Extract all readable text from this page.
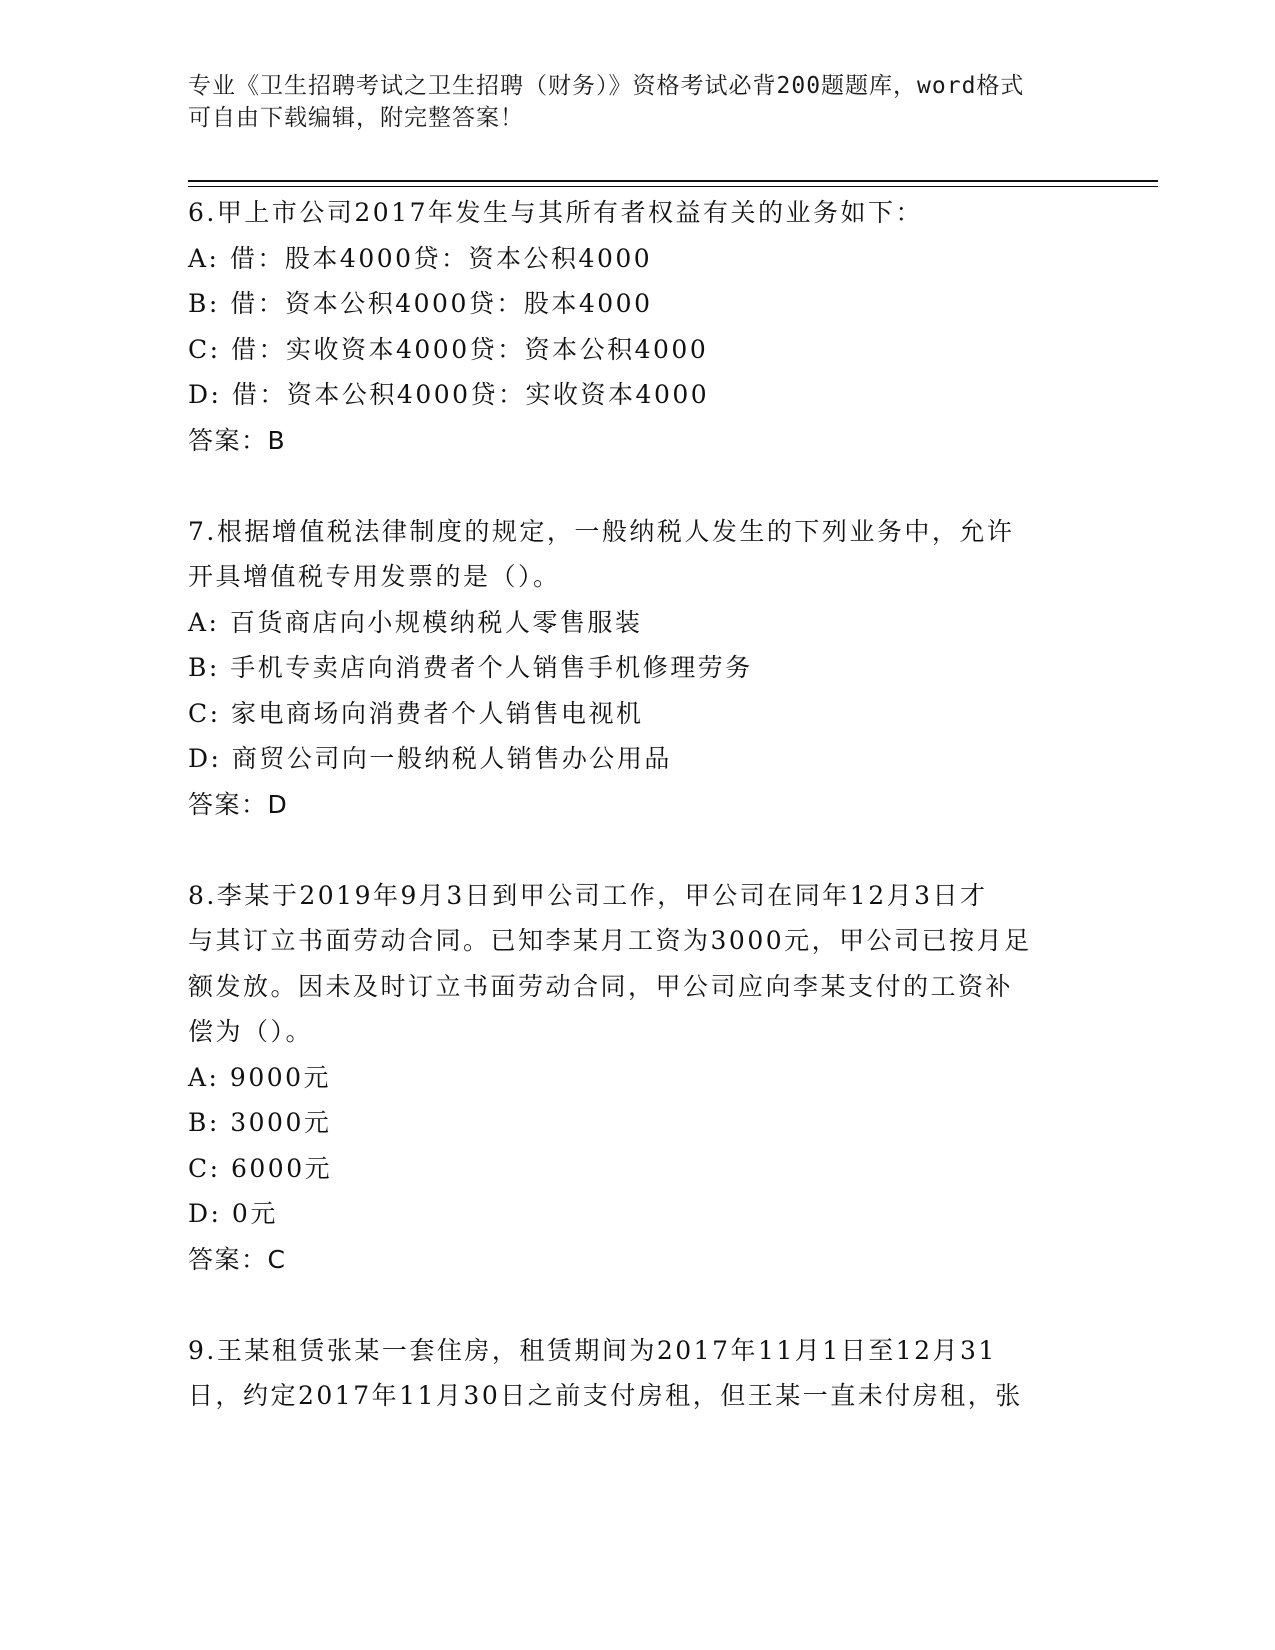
专业《卫生招聘考试之卫生招聘（财务）》资格考试必背200题题库，word格式
可自由下载编辑，附完整答案！
6.甲上市公司2017年发生与其所有者权益有关的业务如下：
A: 借：股本4000贷：资本公积4000
B: 借：资本公积4000贷：股本4000
C: 借：实收资本4000贷：资本公积4000
D: 借：资本公积4000贷：实收资本4000
答案：B
7.根据增值税法律制度的规定，一般纳税人发生的下列业务中，允许
开具增值税专用发票的是（）。
A: 百货商店向小规模纳税人零售服装
B: 手机专卖店向消费者个人销售手机修理劳务
C: 家电商场向消费者个人销售电视机
D: 商贸公司向一般纳税人销售办公用品
答案：D
8.李某于2019年9月3日到甲公司工作，甲公司在同年12月3日才
与其订立书面劳动合同。已知李某月工资为3000元，甲公司已按月足
额发放。因未及时订立书面劳动合同，甲公司应向李某支付的工资补
偿为（）。
A: 9000元
B: 3000元
C: 6000元
D: 0元
答案：C
9.王某租赁张某一套住房，租赁期间为2017年11月1日至12月31
日，约定2017年11月30日之前支付房租，但王某一直未付房租，张
